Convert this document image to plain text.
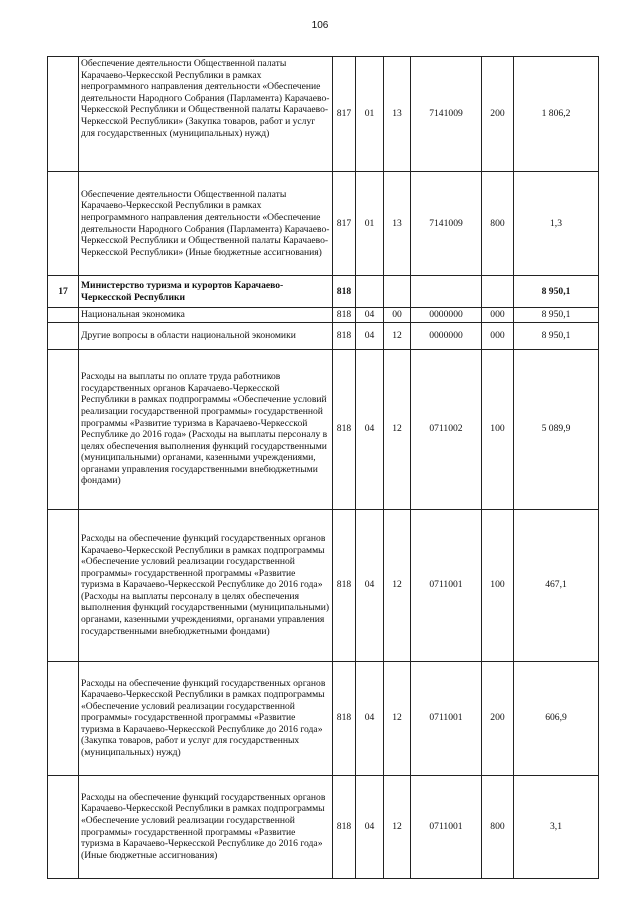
106
	Обеспечение деятельности Общественной палаты Карачаево-Черкесской Республики в рамках непрограммного направления деятельности «Обеспечение деятельности Народного Собрания (Парламента) Карачаево-Черкесской Республики и Общественной палаты Карачаево-Черкесской Республики» (Закупка товаров, работ и услуг для государственных (муниципальных) нужд)	817	01	13	7141009	200	1 806,2
	Обеспечение деятельности Общественной палаты Карачаево-Черкесской Республики в рамках непрограммного направления деятельности «Обеспечение деятельности Народного Собрания (Парламента) Карачаево-Черкесской Республики и Общественной палаты Карачаево-Черкесской Республики» (Иные бюджетные ассигнования)	817	01	13	7141009	800	1,3
17	Министерство туризма и курортов Карачаево-Черкесской Республики	818					8 950,1
	Национальная экономика	818	04	00	0000000	000	8 950,1
	Другие вопросы в области национальной экономики	818	04	12	0000000	000	8 950,1
	Расходы на выплаты по оплате труда работников государственных органов Карачаево-Черкесской Республики в рамках подпрограммы «Обеспечение условий реализации государственной программы» государственной программы «Развитие туризма в Карачаево-Черкесской Республике до 2016 года» (Расходы на выплаты персоналу в целях обеспечения выполнения функций государственными (муниципальными) органами, казенными учреждениями, органами управления государственными внебюджетными фондами)	818	04	12	0711002	100	5 089,9
	Расходы на обеспечение функций государственных органов Карачаево-Черкесской Республики в рамках подпрограммы «Обеспечение условий реализации государственной программы» государственной программы «Развитие туризма в Карачаево-Черкесской Республике до 2016 года» (Расходы на выплаты персоналу в целях обеспечения выполнения функций государственными (муниципальными) органами, казенными учреждениями, органами управления государственными внебюджетными фондами)	818	04	12	0711001	100	467,1
	Расходы на обеспечение функций государственных органов Карачаево-Черкесской Республики в рамках подпрограммы «Обеспечение условий реализации государственной программы» государственной программы «Развитие туризма в Карачаево-Черкесской Республике до 2016 года» (Закупка товаров, работ и услуг для государственных (муниципальных) нужд)	818	04	12	0711001	200	606,9
	Расходы на обеспечение функций государственных органов Карачаево-Черкесской Республики в рамках подпрограммы «Обеспечение условий реализации государственной программы» государственной программы «Развитие туризма в Карачаево-Черкесской Республике до 2016 года» (Иные бюджетные ассигнования)	818	04	12	0711001	800	3,1
